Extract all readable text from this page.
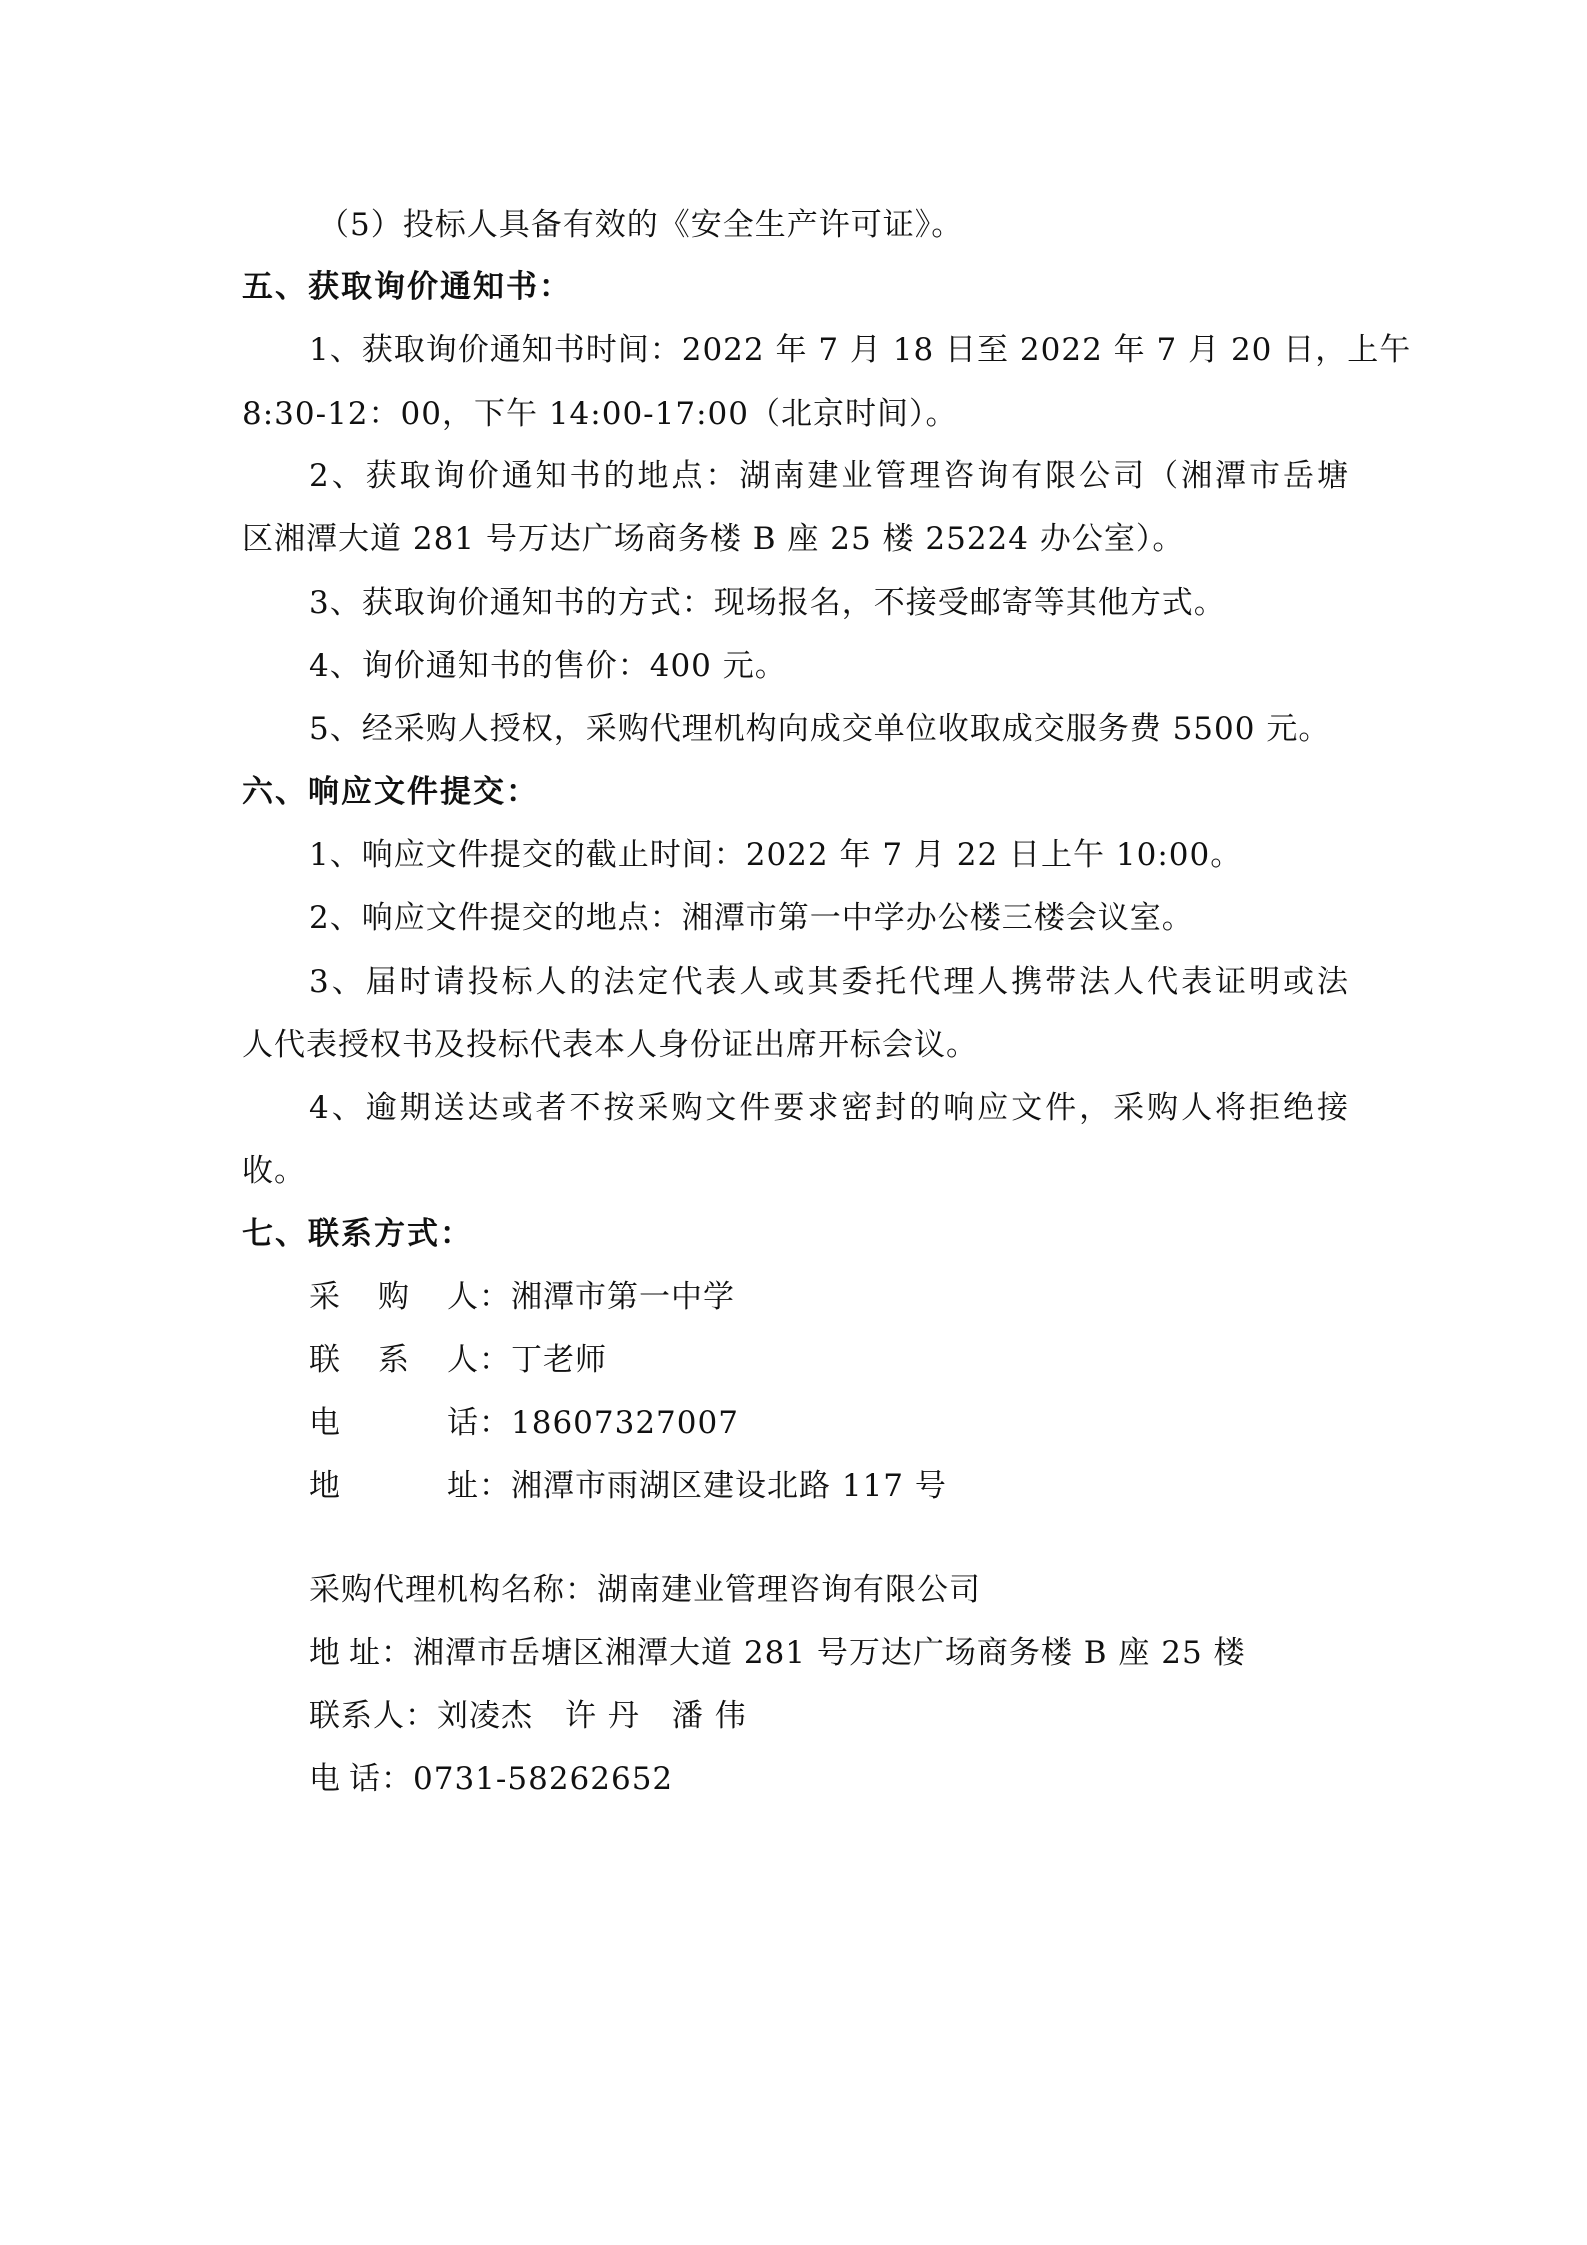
（5）投标人具备有效的《安全生产许可证》。
五、获取询价通知书：
1、获取询价通知书时间：2022 年 7 月 18 日至 2022 年 7 月 20 日，上午
8:30-12：00，下午 14:00-17:00（北京时间）。
2、获取询价通知书的地点：湖南建业管理咨询有限公司（湘潭市岳塘
区湘潭大道 281 号万达广场商务楼 B 座 25 楼 25224 办公室）。
3、获取询价通知书的方式：现场报名，不接受邮寄等其他方式。
4、询价通知书的售价：400 元。
5、经采购人授权，采购代理机构向成交单位收取成交服务费 5500 元。
六、响应文件提交：
1、响应文件提交的截止时间：2022 年 7 月 22 日上午 10:00。
2、响应文件提交的地点：湘潭市第一中学办公楼三楼会议室。
3、届时请投标人的法定代表人或其委托代理人携带法人代表证明或法
人代表授权书及投标代表本人身份证出席开标会议。
4、逾期送达或者不按采购文件要求密封的响应文件，采购人将拒绝接
收。
七、联系方式：
采购人：湘潭市第一中学
联系人：丁老师
电话：18607327007
地址：湘潭市雨湖区建设北路 117 号
采购代理机构名称：湖南建业管理咨询有限公司
地址：湘潭市岳塘区湘潭大道 281 号万达广场商务楼 B 座 25 楼
联系人：刘凌杰　许 丹　潘 伟
电话：0731-58262652
